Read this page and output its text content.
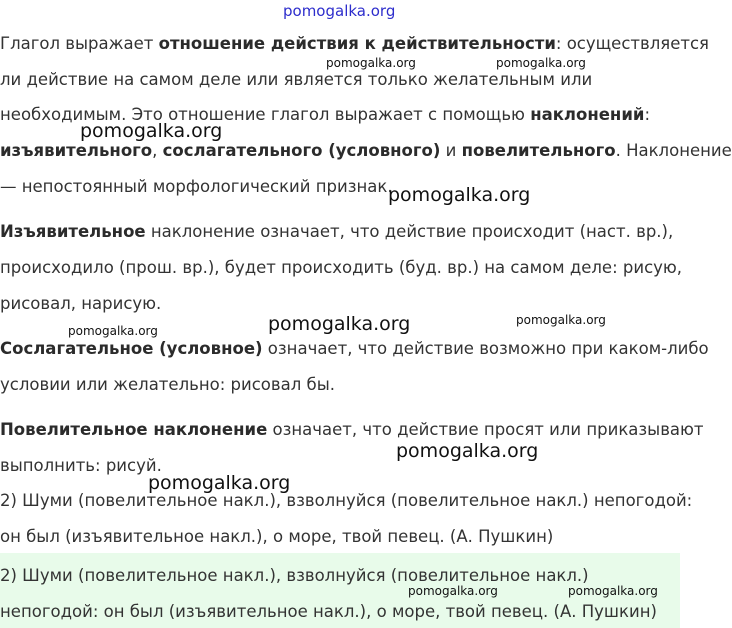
Глагол выражает отношение действия к действительности: осуществляется
ли действие на самом деле или является только желательным или
необходимым. Это отношение глагол выражает с помощью наклонений:
изъявительного, сослагательного (условного) и повелительного. Наклонение
— непостоянный морфологический признак.
Изъявительное наклонение означает, что действие происходит (наст. вр.),
происходило (прош. вр.), будет происходить (буд. вр.) на самом деле: рисую,
рисовал, нарисую.
Сослагательное (условное) означает, что действие возможно при каком-либо
условии или желательно: рисовал бы.
Повелительное наклонение означает, что действие просят или приказывают
выполнить: рисуй.
2) Шуми (повелительное накл.), взволнуйся (повелительное накл.) непогодой:
он был (изъявительное накл.), о море, твой певец. (А. Пушкин)
2) Шуми (повелительное накл.), взволнуйся (повелительное накл.)
непогодой: он был (изъявительное накл.), о море, твой певец. (А. Пушкин)
pomogalka.org
pomogalka.org	pomogalka.org
pomogalka.org
pomogalka.org
pomogalka.org	pomogalka.org	pomogalka.org
pomogalka.org
pomogalka.org
pomogalka.org	pomogalka.org
